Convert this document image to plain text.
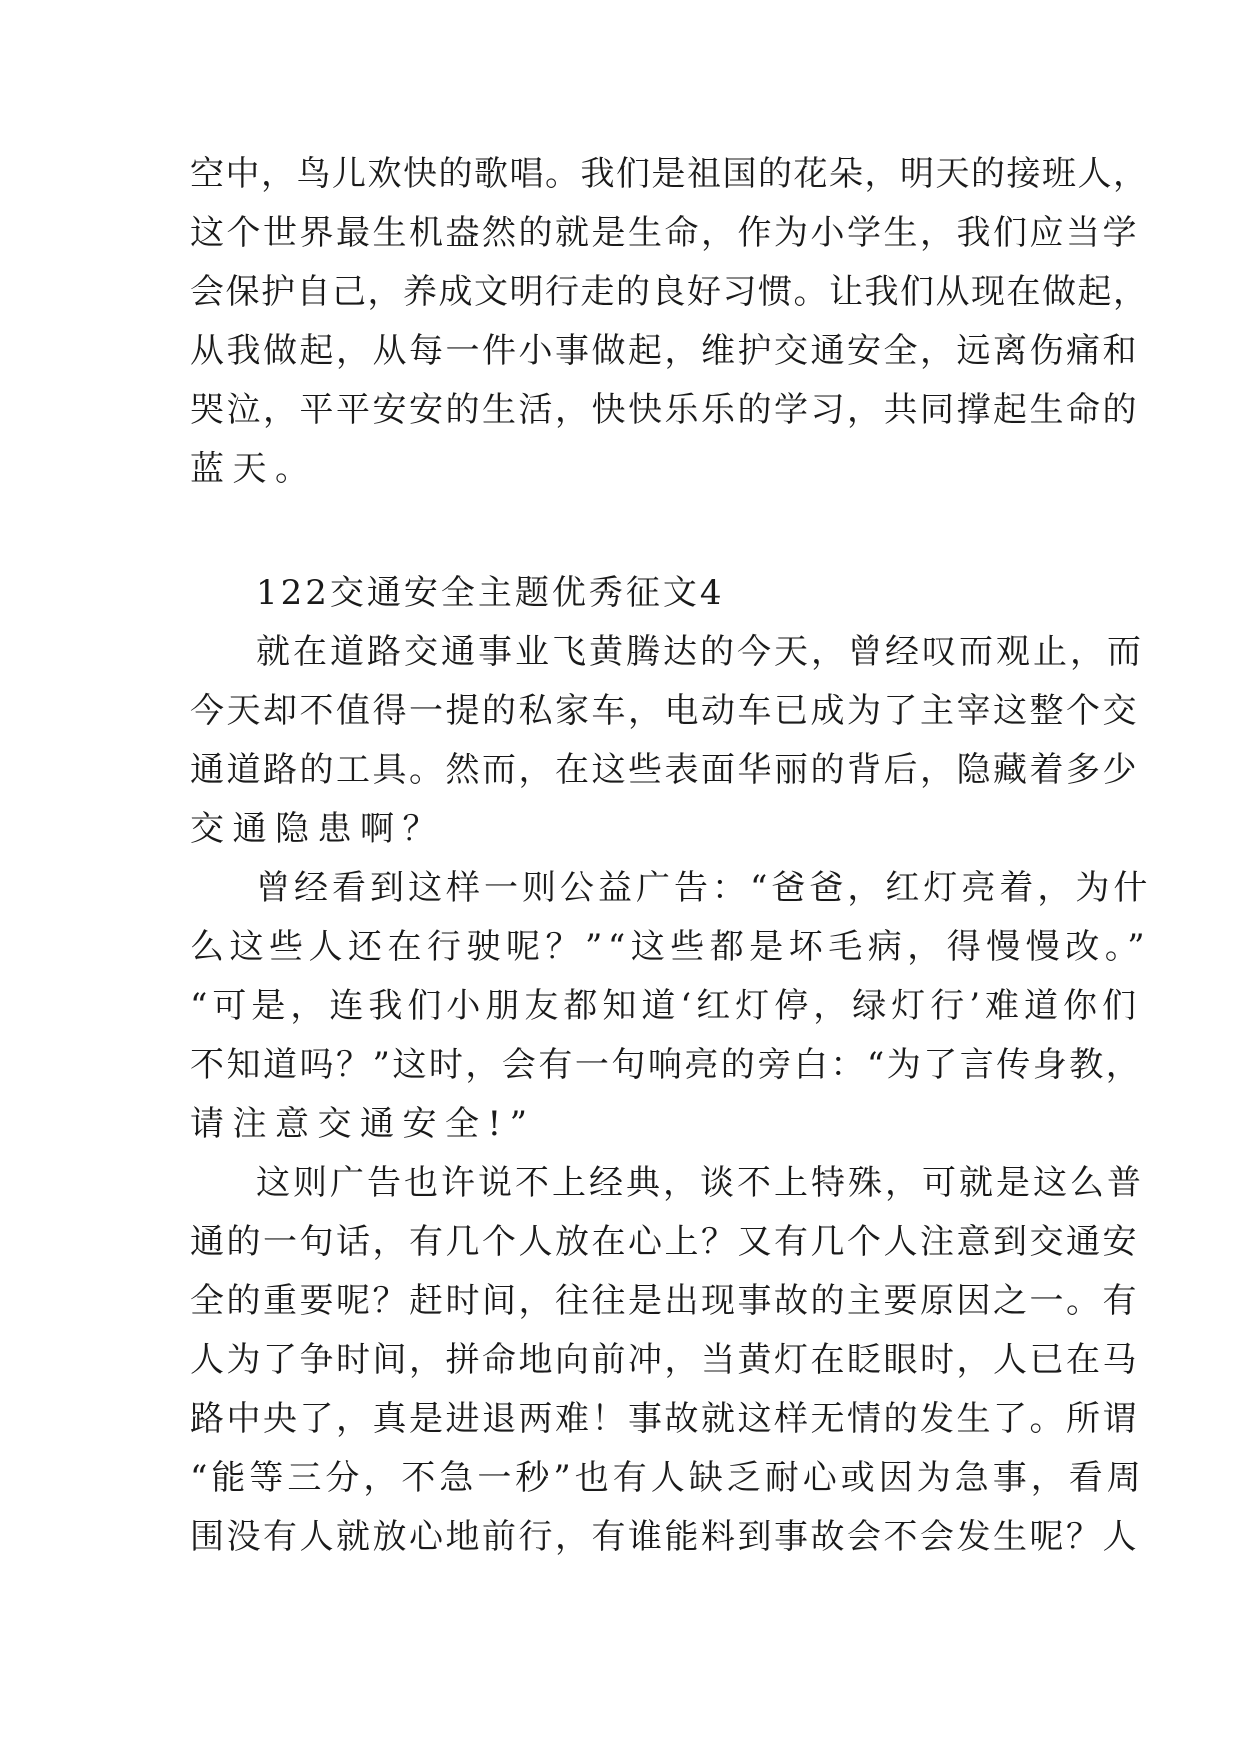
空中，鸟儿欢快的歌唱。我们是祖国的花朵，明天的接班人，
这个世界最生机盎然的就是生命，作为小学生，我们应当学
会保护自己，养成文明行走的良好习惯。让我们从现在做起，
从我做起，从每一件小事做起，维护交通安全，远离伤痛和
哭泣，平平安安的生活，快快乐乐的学习，共同撑起生命的
蓝天。
122交通安全主题优秀征文4
就在道路交通事业飞黄腾达的今天，曾经叹而观止，而
今天却不值得一提的私家车，电动车已成为了主宰这整个交
通道路的工具。然而，在这些表面华丽的背后，隐藏着多少
交通隐患啊？
曾经看到这样一则公益广告：“爸爸，红灯亮着，为什
么这些人还在行驶呢？”“这些都是坏毛病，得慢慢改。”
“可是，连我们小朋友都知道‘红灯停，绿灯行’难道你们
不知道吗？”这时，会有一句响亮的旁白：“为了言传身教，
请注意交通安全!”
这则广告也许说不上经典，谈不上特殊，可就是这么普
通的一句话，有几个人放在心上？又有几个人注意到交通安
全的重要呢？赶时间，往往是出现事故的主要原因之一。有
人为了争时间，拼命地向前冲，当黄灯在眨眼时，人已在马
路中央了，真是进退两难！事故就这样无情的发生了。所谓
“能等三分，不急一秒”也有人缺乏耐心或因为急事，看周
围没有人就放心地前行，有谁能料到事故会不会发生呢？人
